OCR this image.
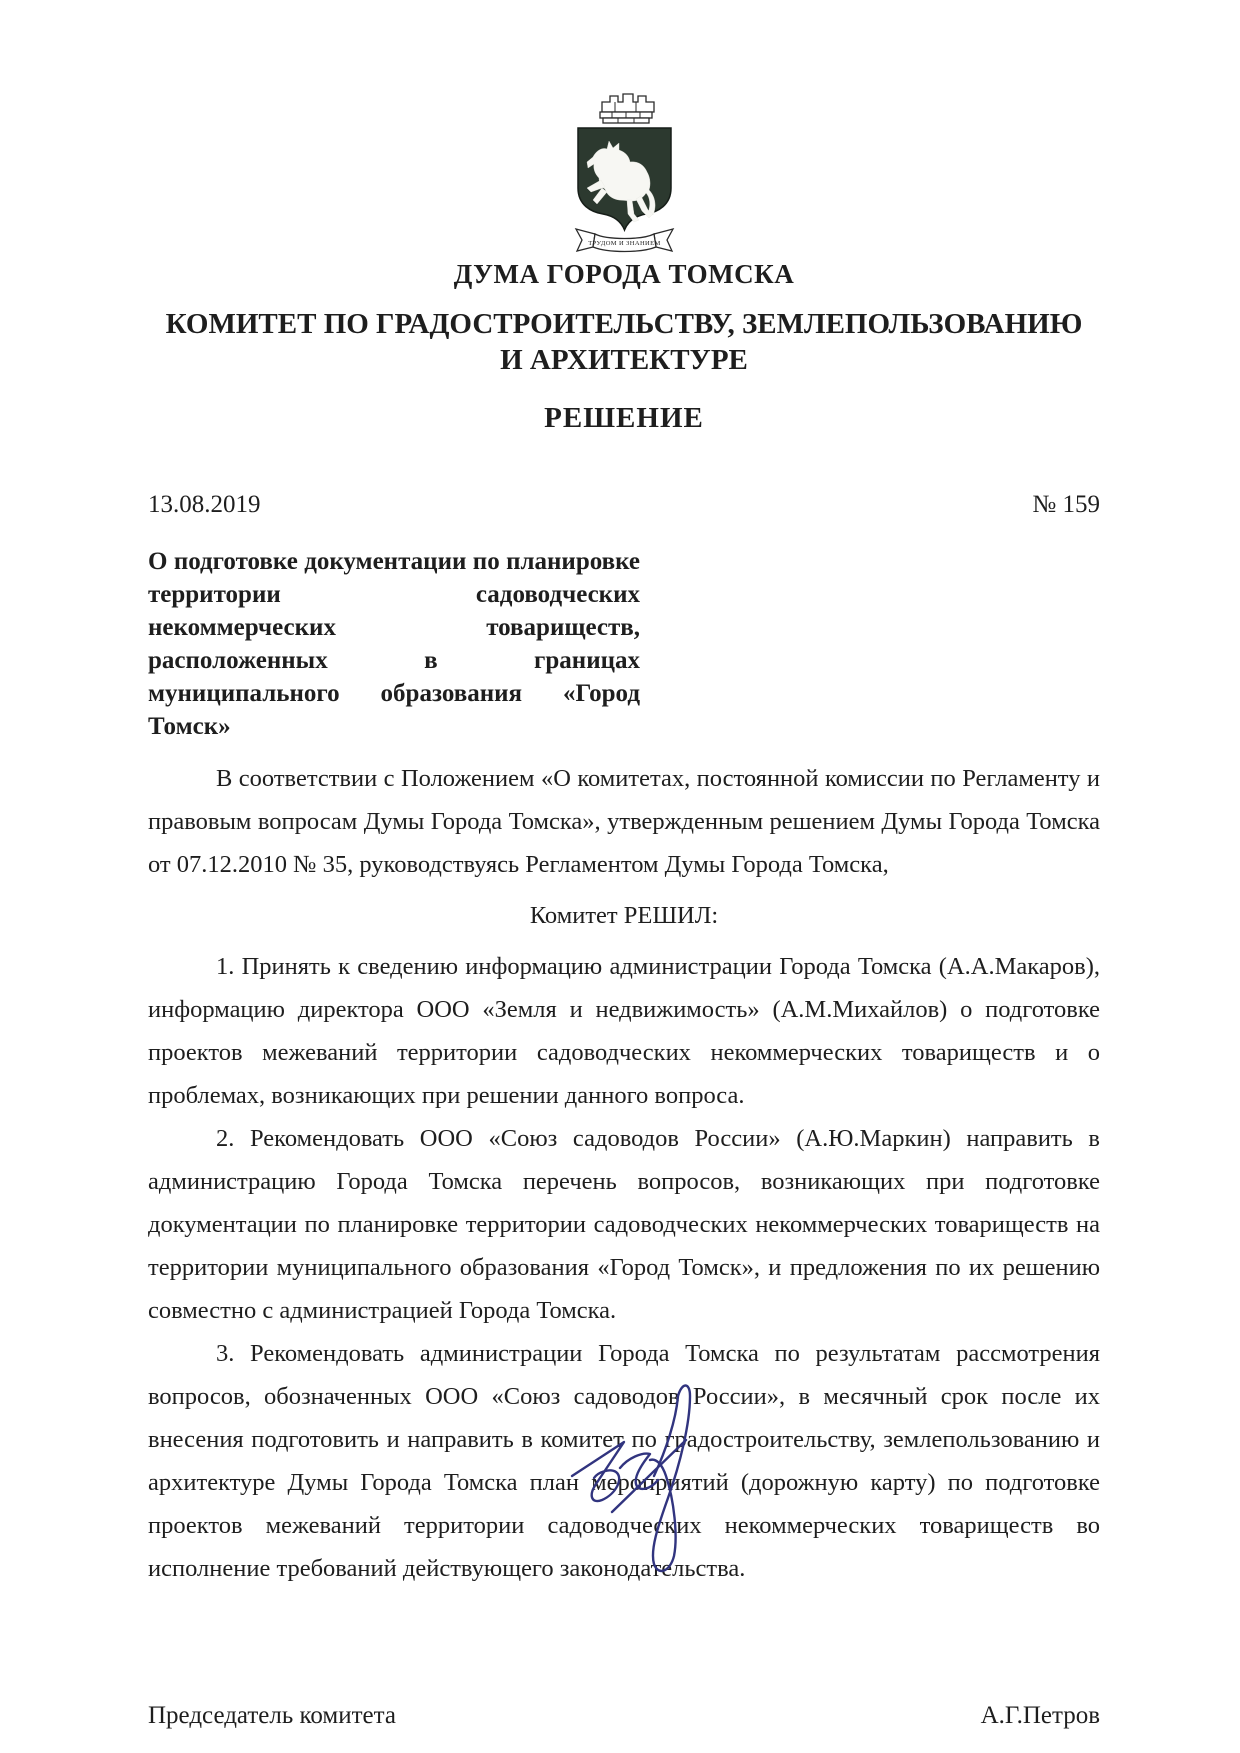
ТРУДОМ И ЗНАНИЕМ
ДУМА ГОРОДА ТОМСКА
КОМИТЕТ ПО ГРАДОСТРОИТЕЛЬСТВУ, ЗЕМЛЕПОЛЬЗОВАНИЮ И АРХИТЕКТУРЕ
РЕШЕНИЕ
13.08.2019	№ 159
О подготовке документации по планировке территории садоводческих некоммерческих товариществ, расположенных в границах муниципального образования «Город Томск»

В соответствии с Положением «О комитетах, постоянной комиссии по Регламенту и правовым вопросам Думы Города Томска», утвержденным решением Думы Города Томска от 07.12.2010 № 35, руководствуясь Регламентом Думы Города Томска,

Комитет РЕШИЛ:

1. Принять к сведению информацию администрации Города Томска (А.А.Макаров), информацию директора ООО «Земля и недвижимость» (А.М.Михайлов) о подготовке проектов межеваний территории садоводческих некоммерческих товариществ и о проблемах, возникающих при решении данного вопроса.

2. Рекомендовать ООО «Союз садоводов России» (А.Ю.Маркин) направить в администрацию Города Томска перечень вопросов, возникающих при подготовке документации по планировке территории садоводческих некоммерческих товариществ на территории муниципального образования «Город Томск», и предложения по их решению совместно с администрацией Города Томска.

3. Рекомендовать администрации Города Томска по результатам рассмотрения вопросов, обозначенных ООО «Союз садоводов России», в месячный срок после их внесения подготовить и направить в комитет по градостроительству, землепользованию и архитектуре Думы Города Томска план мероприятий (дорожную карту) по подготовке проектов межеваний территории садоводческих некоммерческих товариществ во исполнение требований действующего законодательства.

Председатель комитета	А.Г.Петров
